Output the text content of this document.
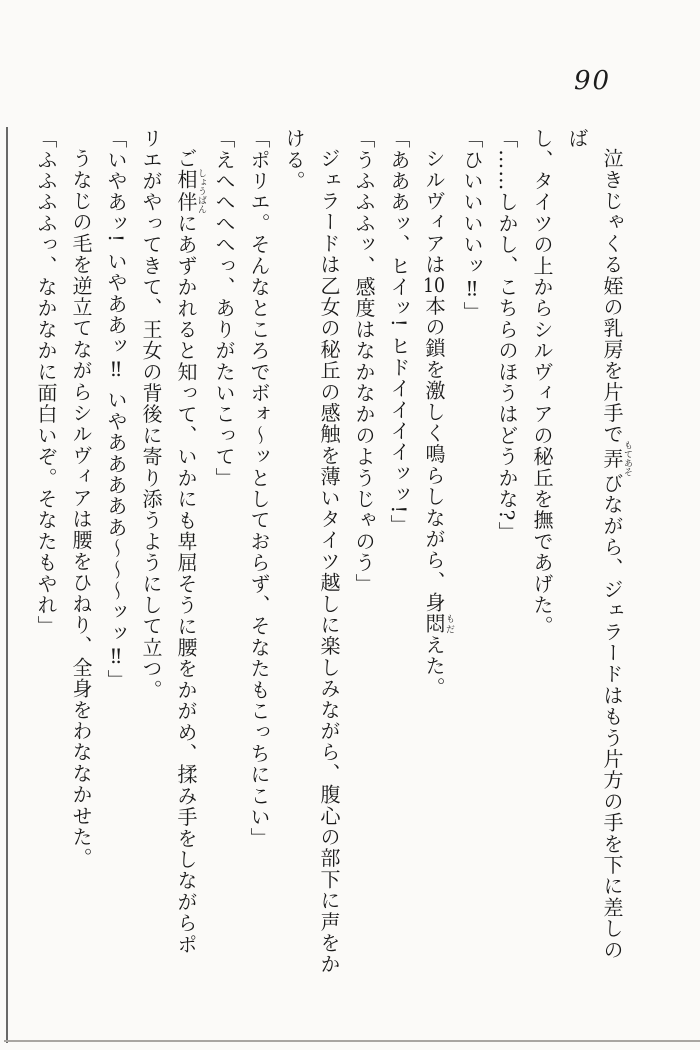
90

泣きじゃくる姪の乳房を片手で弄もてあそびながら、ジェラードはもう片方の手を下に差しのば

し、タイツの上からシルヴィアの秘丘を撫であげた。

「……しかし、こちらのほうはどうかな?」

「ひいいいいッ‼」

シルヴィアは10本の鎖を激しく鳴らしながら、身悶もだえた。

「あああッ、ヒイッ! ヒドイイイイッッ!」

「うふふふッ、感度はなかなかのようじゃのう」

ジェラードは乙女の秘丘の感触を薄いタイツ越しに楽しみながら、腹心の部下に声をか

ける。

「ポリエ。そんなところでボォ〜ッとしておらず、そなたもこっちにこい」

「えへへへへっ、ありがたいこって」

ご相伴しょうばんにあずかれると知って、いかにも卑屈そうに腰をかがめ、揉み手をしながらポ

リエがやってきて、王女の背後に寄り添うようにして立つ。

「いやあッ! いやああッ‼ いやあああああ〜〜〜ッッ‼」

うなじの毛を逆立てながらシルヴィアは腰をひねり、全身をわななかせた。

「ふふふふっ、なかなかに面白いぞ。そなたもやれ」
